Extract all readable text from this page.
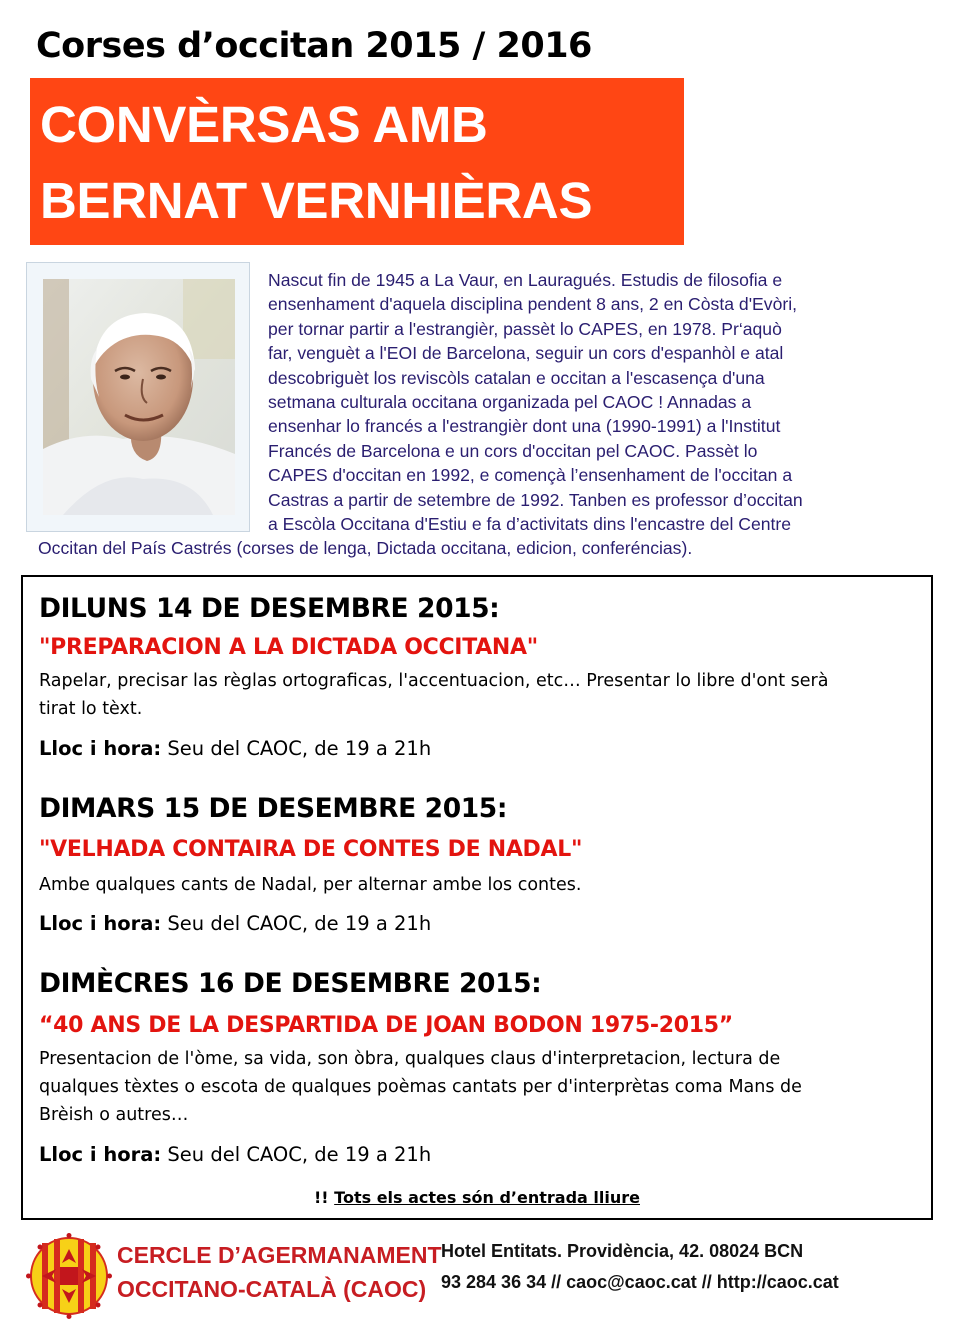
Corses d’occitan 2015 / 2016
CONVÈRSAS AMB
BERNAT VERNHIÈRAS
Nascut fin de 1945 a La Vaur, en Lauragués. Estudis de filosofia e
ensenhament d'aquela disciplina pendent 8 ans, 2 en Còsta d'Evòri,
per tornar partir a l'estrangièr, passèt lo CAPES, en 1978. Pr‘aquò
far, venguèt a l'EOI de Barcelona, seguir un cors d'espanhòl e atal
descobriguèt los reviscòls catalan e occitan a l'escasença d'una
setmana culturala occitana organizada pel CAOC ! Annadas a
ensenhar lo francés a l'estrangièr dont una (1990-1991) a l'Institut
Francés de Barcelona e un cors d'occitan pel CAOC. Passèt lo
CAPES d'occitan en 1992, e començà l’ensenhament de l'occitan a
Castras a partir de setembre de 1992. Tanben es professor d’occitan
a Escòla Occitana d'Estiu e fa d’activitats dins l'encastre del Centre
Occitan del País Castrés (corses de lenga, Dictada occitana, edicion, conferéncias).
DILUNS 14 DE DESEMBRE 2015:
"PREPARACION A LA DICTADA OCCITANA"
Rapelar, precisar las règlas ortograficas, l'accentuacion, etc… Presentar lo libre d'ont serà
tirat lo tèxt.
Lloc i hora: Seu del CAOC, de 19 a 21h
DIMARS 15 DE DESEMBRE 2015:
"VELHADA CONTAIRA DE CONTES DE NADAL"
Ambe qualques cants de Nadal, per alternar ambe los contes.
Lloc i hora: Seu del CAOC, de 19 a 21h
DIMÈCRES 16 DE DESEMBRE 2015:
“40 ANS DE LA DESPARTIDA DE JOAN BODON 1975-2015”
Presentacion de l'òme, sa vida, son òbra, qualques claus d'interpretacion, lectura de
qualques tèxtes o escota de qualques poèmas cantats per d'interprètas coma Mans de
Brèish o autres…
Lloc i hora: Seu del CAOC, de 19 a 21h
!! Tots els actes són d’entrada lliure
CERCLE D’AGERMANAMENT
OCCITANO-CATALÀ (CAOC)
Hotel Entitats. Providència, 42. 08024 BCN
93 284 36 34 // caoc@caoc.cat // http://caoc.cat
